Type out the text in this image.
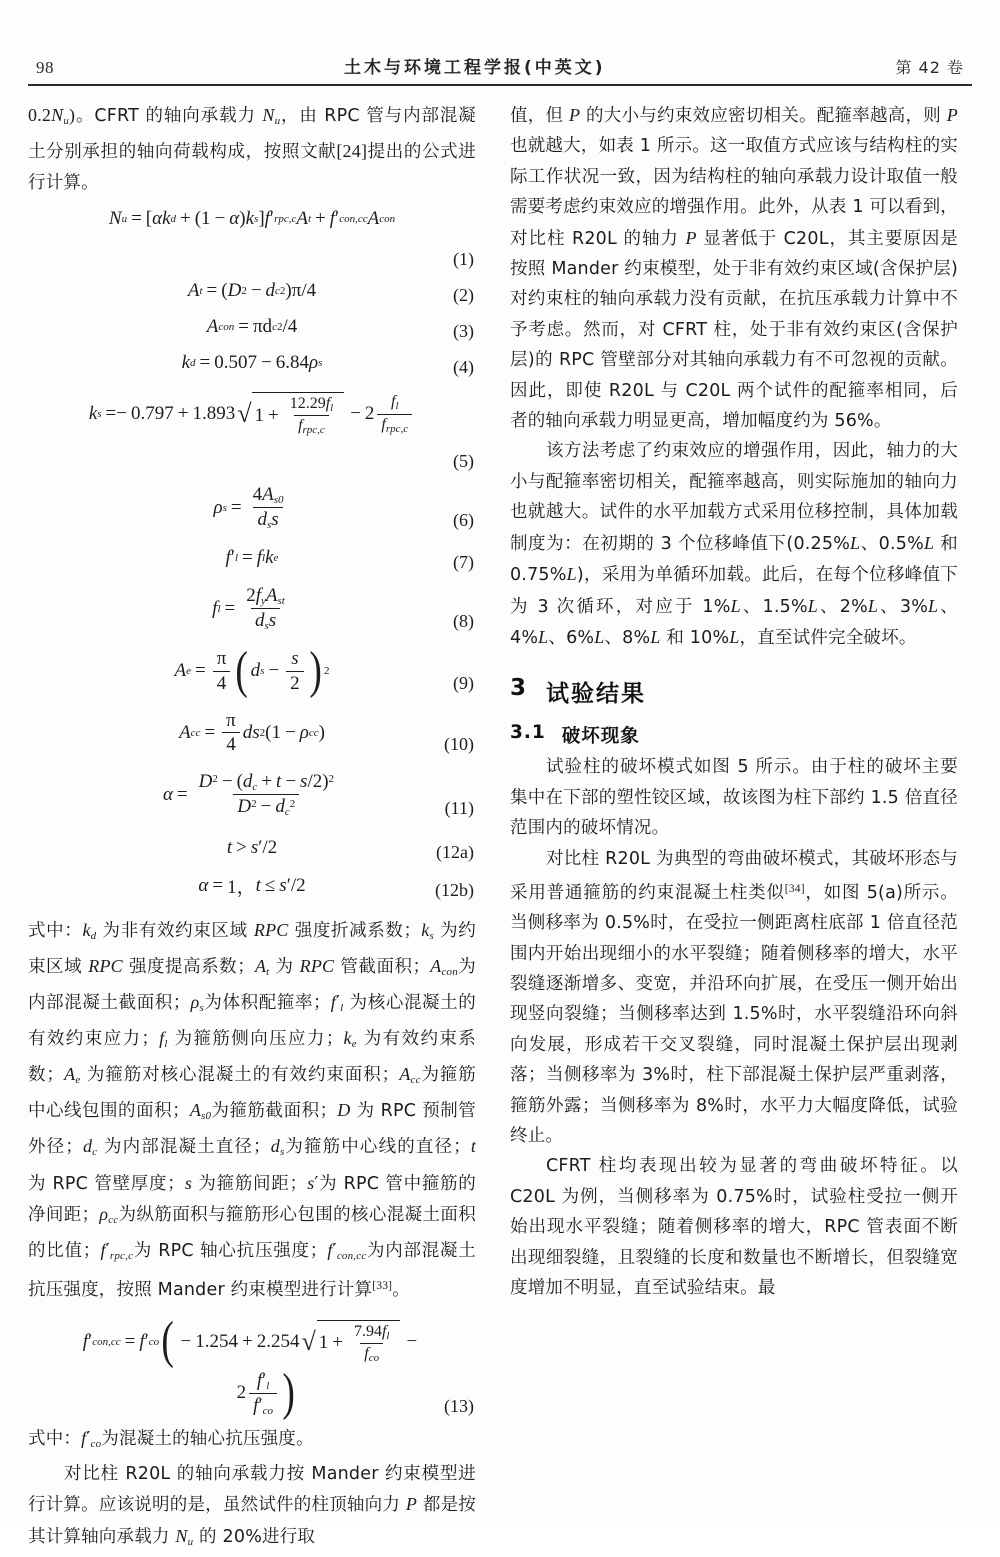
98	土木与环境工程学报(中英文)	第 42 卷

$0.2N_u$)。CFRT 的轴向承载力 $N_u$，由 RPC 管与内部混凝土分别承担的轴向荷载构成，按照文献[24]提出的公式进行计算。

N u = [ αk d + (1 − α ) k s ] f ′ rpc,c A t + f ′ con,cc A con
(1)
A t = ( D 2 − d c 2 )π/4	(2)
A con = πd c 2 /4	(3)
k d = 0.507 − 6.84 ρ s	(4)
k s =− 0.797 + 1.893 √ $1 + \frac{12.29f_l}{f_{rpc,c}} - 2 \frac{f_l}{f_{rpc,c}}$
(5)
ρ $s = \frac{4A_{s0}}{d_ss}$	(6)
f ′ l = f l k e	(7)
f $l = \frac{2f_yA_{st}}{d_ss}$	(8)
A $e = \frac{\pi}{4}$ ( d $s - \frac{s}{2}$ ) 2
(9)
A cc = $\frac{\pi}{4}$ ds 2 (1 − ρ cc )
(10)
$\alpha = \frac{D^2 - (d_c + t - s/2)^2}{D^2 - d_c^2}$	(11)
t > s ′/2	(12a)
α = 1， t ≤ s ′/2	(12b)

式中：$k_d$ 为非有效约束区域 RPC 强度折减系数；$k_s$ 为约束区域 RPC 强度提高系数；$A_t$ 为 RPC 管截面积；$A_{con}$为内部混凝土截面积；$\rho_s$为体积配箍率；$f'_l$ 为核心混凝土的有效约束应力；$f_l$ 为箍筋侧向压应力；$k_e$ 为有效约束系数；$A_e$ 为箍筋对核心混凝土的有效约束面积；$A_{cc}$为箍筋中心线包围的面积；$A_{s0}$为箍筋截面积；D 为 RPC 预制管外径；$d_c$ 为内部混凝土直径；$d_s$为箍筋中心线的直径；t 为 RPC 管壁厚度；s 为箍筋间距；s′为 RPC 管中箍筋的净间距；$\rho_{cc}$为纵筋面积与箍筋形心包围的核心混凝土面积的比值；$f'_{rpc,c}$为 RPC 轴心抗压强度；$f'_{con,cc}$为内部混凝土抗压强度，按照 Mander 约束模型进行计算[33]。

f ′ con,cc = f ′ co ( − 1.254 + 2.254 √ $1 + \frac{7.94f_l}{f_{co}}$ −
$2 \frac{f'_l}{f'_{co}}$ )	(13)

式中：$f'_{co}$为混凝土的轴心抗压强度。

对比柱 R20L 的轴向承载力按 Mander 约束模型进行计算。应该说明的是，虽然试件的柱顶轴向力 P 都是按其计算轴向承载力 $N_u$ 的 20%进行取

值，但 P 的大小与约束效应密切相关。配箍率越高，则 P 也就越大，如表 1 所示。这一取值方式应该与结构柱的实际工作状况一致，因为结构柱的轴向承载力设计取值一般需要考虑约束效应的增强作用。此外，从表 1 可以看到，对比柱 R20L 的轴力 P 显著低于 C20L，其主要原因是按照 Mander 约束模型，处于非有效约束区域(含保护层)对约束柱的轴向承载力没有贡献，在抗压承载力计算中不予考虑。然而，对 CFRT 柱，处于非有效约束区(含保护层)的 RPC 管壁部分对其轴向承载力有不可忽视的贡献。因此，即使 R20L 与 C20L 两个试件的配箍率相同，后者的轴向承载力明显更高，增加幅度约为 56%。

该方法考虑了约束效应的增强作用，因此，轴力的大小与配箍率密切相关，配箍率越高，则实际施加的轴向力也就越大。试件的水平加载方式采用位移控制，具体加载制度为：在初期的 3 个位移峰值下(0.25%L、0.5%L 和 0.75%L)，采用为单循环加载。此后，在每个位移峰值下为 3 次循环，对应于 1%L、1.5%L、2%L、3%L、4%L、6%L、8%L 和 10%L，直至试件完全破坏。

3 试验结果
3.1 破坏现象

试验柱的破坏模式如图 5 所示。由于柱的破坏主要集中在下部的塑性铰区域，故该图为柱下部约 1.5 倍直径范围内的破坏情况。

对比柱 R20L 为典型的弯曲破坏模式，其破坏形态与采用普通箍筋的约束混凝土柱类似[34]，如图 5(a)所示。当侧移率为 0.5%时，在受拉一侧距离柱底部 1 倍直径范围内开始出现细小的水平裂缝；随着侧移率的增大，水平裂缝逐渐增多、变宽，并沿环向扩展，在受压一侧开始出现竖向裂缝；当侧移率达到 1.5%时，水平裂缝沿环向斜向发展，形成若干交叉裂缝，同时混凝土保护层出现剥落；当侧移率为 3%时，柱下部混凝土保护层严重剥落，箍筋外露；当侧移率为 8%时，水平力大幅度降低，试验终止。

CFRT 柱均表现出较为显著的弯曲破坏特征。以 C20L 为例，当侧移率为 0.75%时，试验柱受拉一侧开始出现水平裂缝；随着侧移率的增大，RPC 管表面不断出现细裂缝，且裂缝的长度和数量也不断增长，但裂缝宽度增加不明显，直至试验结束。最
